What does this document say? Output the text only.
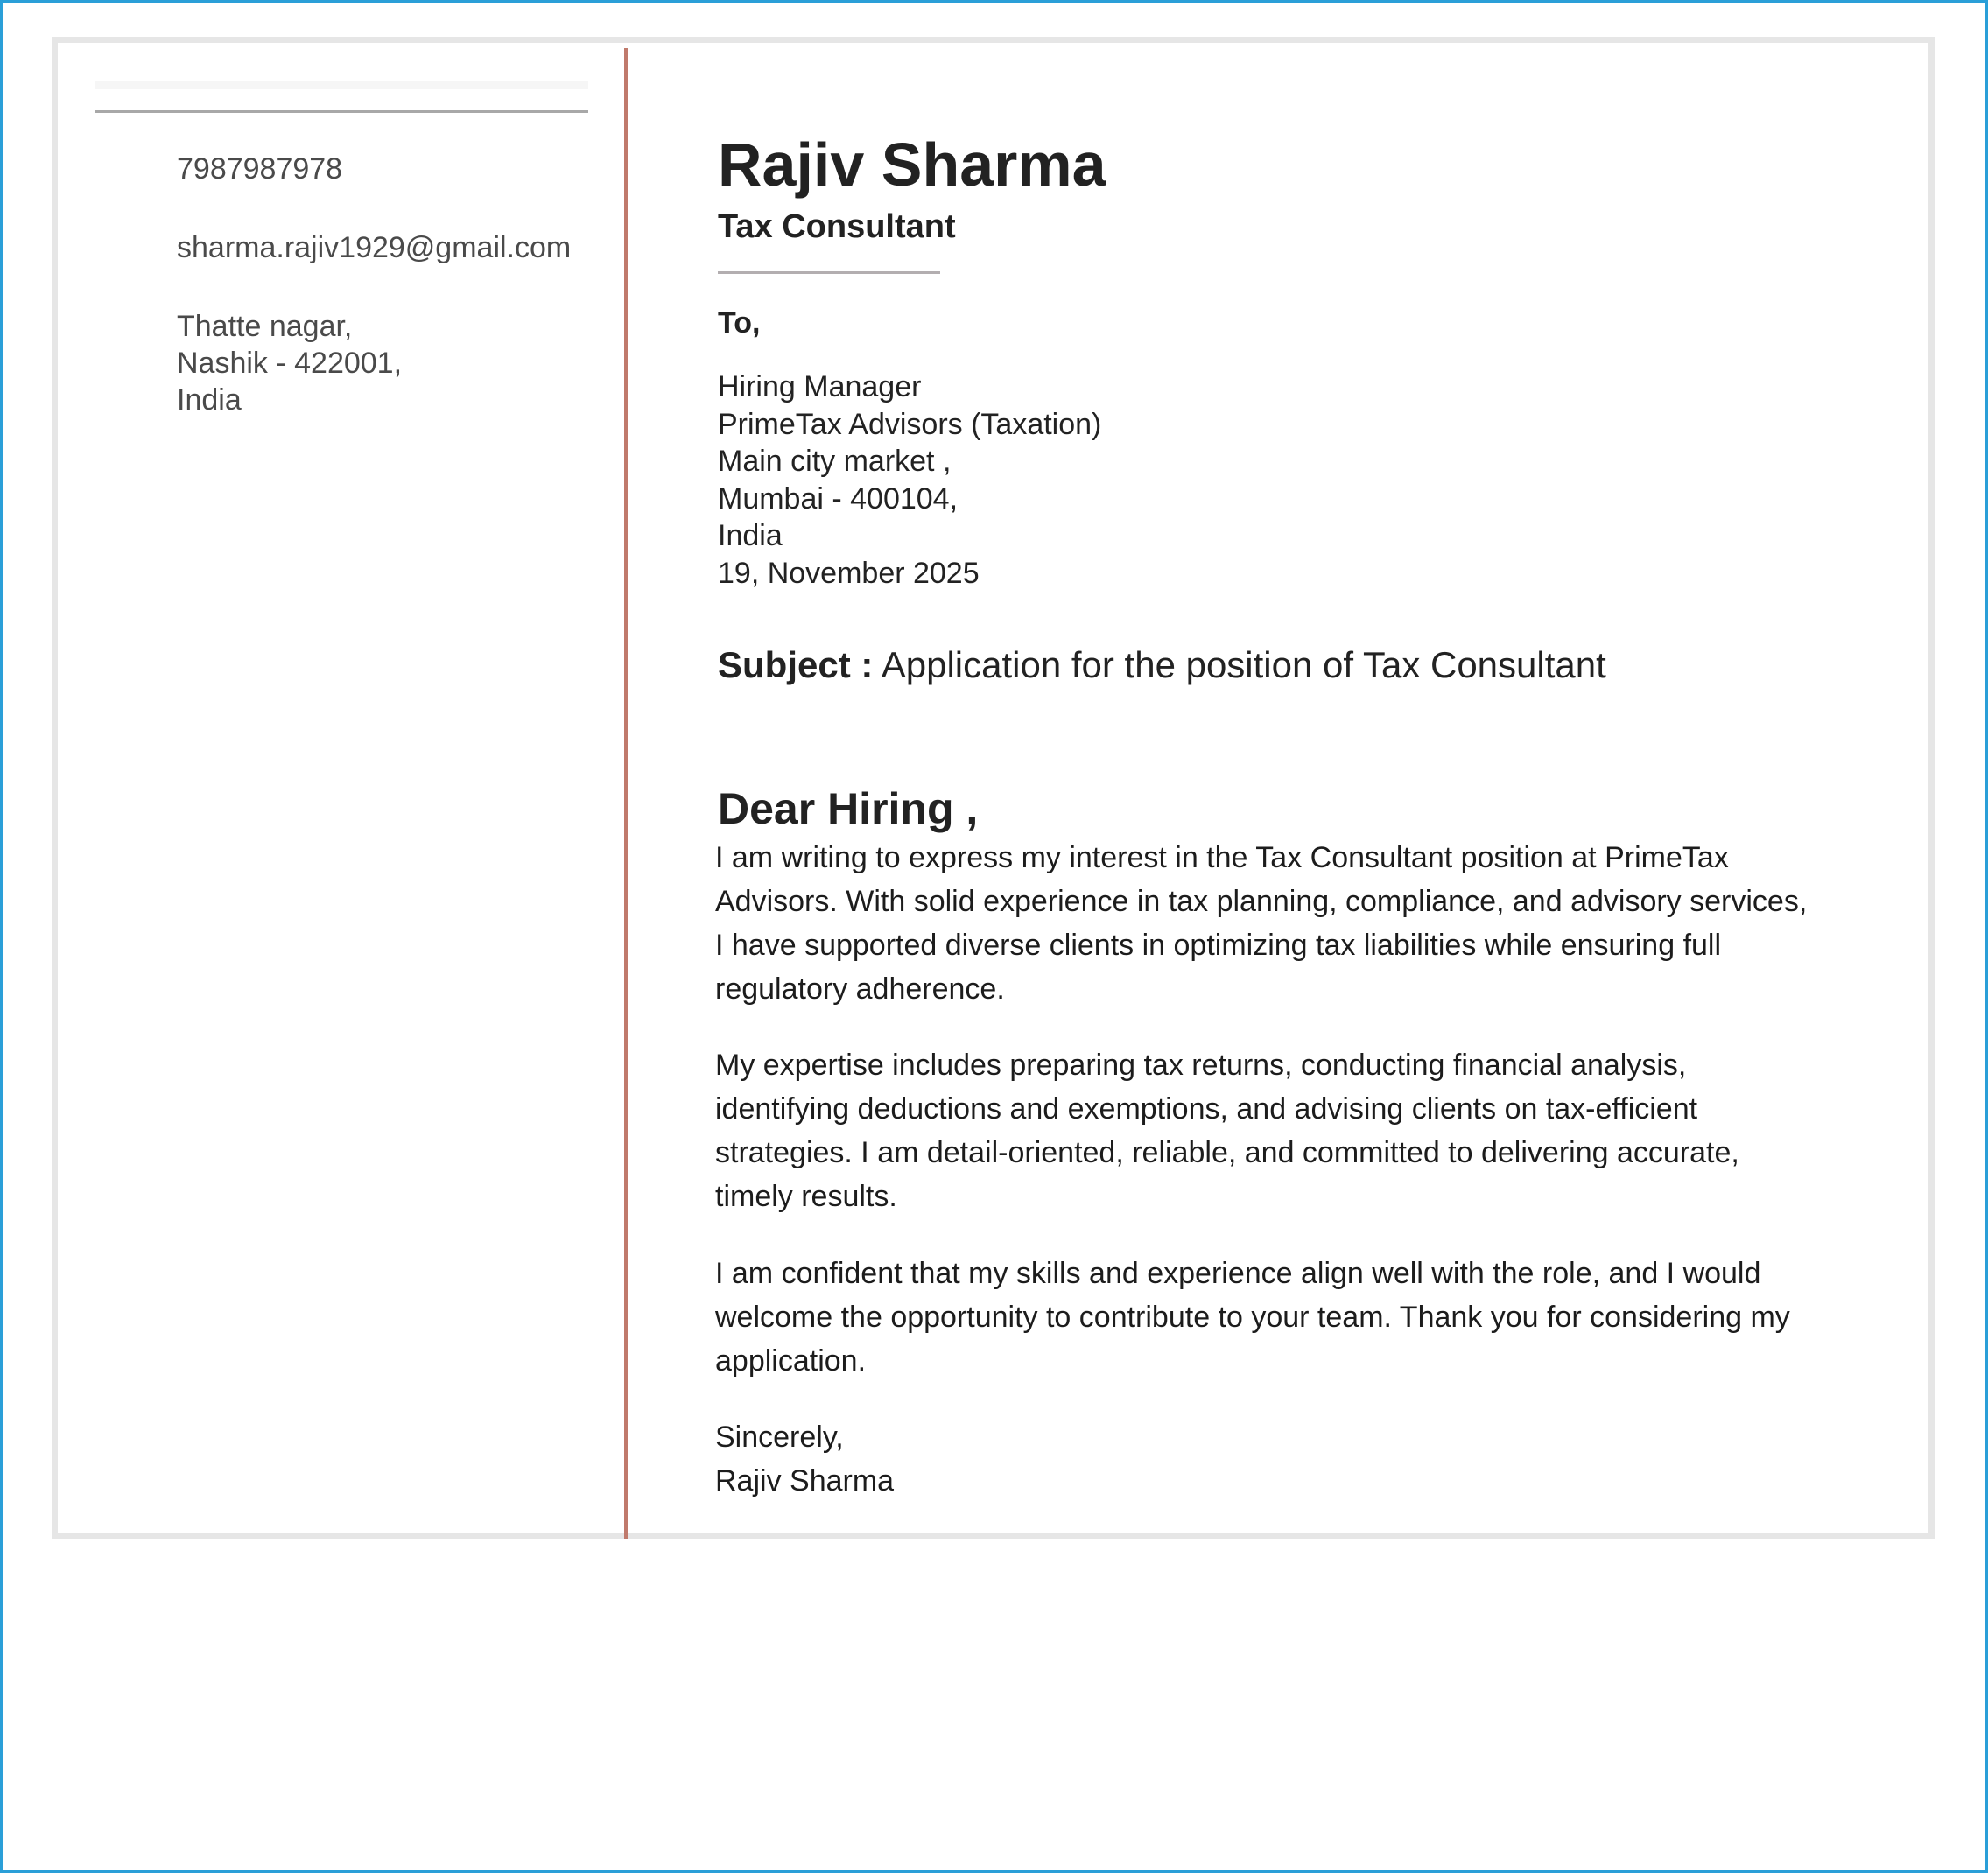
7987987978

sharma.rajiv1929@gmail.com

Thatte nagar,
Nashik - 422001,
India
Rajiv Sharma
Tax Consultant

To,

Hiring Manager
PrimeTax Advisors (Taxation)
Main city market ,
Mumbai - 400104,
India
19, November 2025

Subject : Application for the position of Tax Consultant

Dear Hiring ,
I am writing to express my interest in the Tax Consultant position at PrimeTax
Advisors. With solid experience in tax planning, compliance, and advisory services,
I have supported diverse clients in optimizing tax liabilities while ensuring full
regulatory adherence.
My expertise includes preparing tax returns, conducting financial analysis,
identifying deductions and exemptions, and advising clients on tax-efficient
strategies. I am detail-oriented, reliable, and committed to delivering accurate,
timely results.
I am confident that my skills and experience align well with the role, and I would
welcome the opportunity to contribute to your team. Thank you for considering my
application.
Sincerely,
Rajiv Sharma
